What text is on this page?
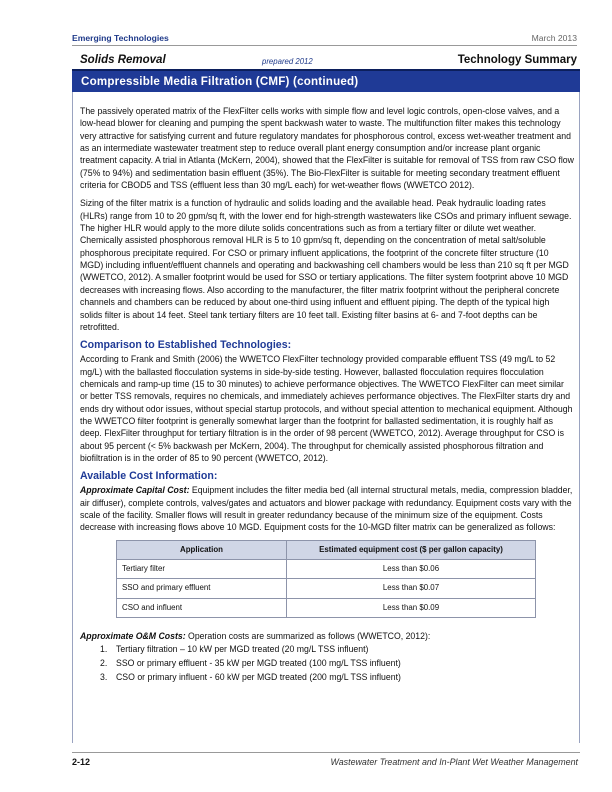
Emerging Technologies	March 2013
Solids Removal	prepared 2012	Technology Summary
Compressible Media Filtration (CMF) (continued)

The passively operated matrix of the FlexFilter cells works with simple flow and level logic controls, open-close valves, and a low-head blower for cleaning and pumping the spent backwash water to waste. The multifunction filter makes this technology very attractive for satisfying current and future regulatory mandates for phosphorous control, excess wet-weather treatment and as an intermediate wastewater treatment step to reduce overall plant energy consumption and/or increase plant organic treatment capacity. A trial in Atlanta (McKern, 2004), showed that the FlexFilter is suitable for removal of TSS from raw CSO flow (75% to 94%) and sedimentation basin effluent (35%). The Bio-FlexFilter is suitable for meeting secondary treatment effluent criteria for CBOD5 and TSS (effluent less than 30 mg/L each) for wet-weather flows (WWETCO 2012).

Sizing of the filter matrix is a function of hydraulic and solids loading and the available head. Peak hydraulic loading rates (HLRs) range from 10 to 20 gpm/sq ft, with the lower end for high-strength wastewaters like CSOs and primary influent sewage. The higher HLR would apply to the more dilute solids concentrations such as from a tertiary filter or dilute wet weather. Chemically assisted phosphorous removal HLR is 5 to 10 gpm/sq ft, depending on the concentration of metal salt/soluble phosphorous precipitate required. For CSO or primary influent applications, the footprint of the concrete filter structure (10 MGD) including influent/effluent channels and operating and backwashing cell chambers would be less than 210 sq ft per MGD (WWETCO, 2012). A smaller footprint would be used for SSO or tertiary applications. The filter system footprint above 10 MGD decreases with increasing flows. Also according to the manufacturer, the filter matrix footprint without the peripheral concrete channels and chambers can be reduced by about one-third using influent and effluent piping. The depth of the typical high solids filter is about 14 feet. Steel tank tertiary filters are 10 feet tall. Existing filter basins at 6- and 7-foot depths can be retrofitted.

Comparison to Established Technologies:

According to Frank and Smith (2006) the WWETCO FlexFilter technology provided comparable effluent TSS (49 mg/L to 52 mg/L) with the ballasted flocculation systems in side-by-side testing. However, ballasted flocculation requires flocculation chemicals and ramp-up time (15 to 30 minutes) to achieve performance objectives. The WWETCO FlexFilter can meet similar or better TSS removals, requires no chemicals, and immediately achieves performance objectives. The FlexFilter starts dry and ends dry without odor issues, without special startup protocols, and without special attention to mechanical equipment. Although the WWETCO filter footprint is generally somewhat larger than the footprint for ballasted sedimentation, it is roughly half as deep. FlexFilter throughput for tertiary filtration is in the order of 98 percent (WWETCO, 2012). Average throughput for CSO is about 95 percent (< 5% backwash per McKern, 2004). The throughput for chemically assisted phosphorous filtration and biofiltration is in the order of 85 to 90 percent (WWETCO, 2012).

Available Cost Information:

Approximate Capital Cost: Equipment includes the filter media bed (all internal structural metals, media, compression bladder, air diffuser), complete controls, valves/gates and actuators and blower package with redundancy. Equipment costs vary with the scale of the facility. Smaller flows will result in greater redundancy because of the minimum size of the equipment. Costs decrease with increasing flows above 10 MGD. Equipment costs for the 10-MGD filter matrix can be generalized as follows:

Application	Estimated equipment cost ($ per gallon capacity)
Tertiary filter	Less than $0.06
SSO and primary effluent	Less than $0.07
CSO and influent	Less than $0.09

Approximate O&M Costs: Operation costs are summarized as follows (WWETCO, 2012):

1. Tertiary filtration – 10 kW per MGD treated (20 mg/L TSS influent)
2. SSO or primary effluent - 35 kW per MGD treated (100 mg/L TSS influent)
3. CSO or primary influent - 60 kW per MGD treated (200 mg/L TSS influent)
2-12	Wastewater Treatment and In-Plant Wet Weather Management
